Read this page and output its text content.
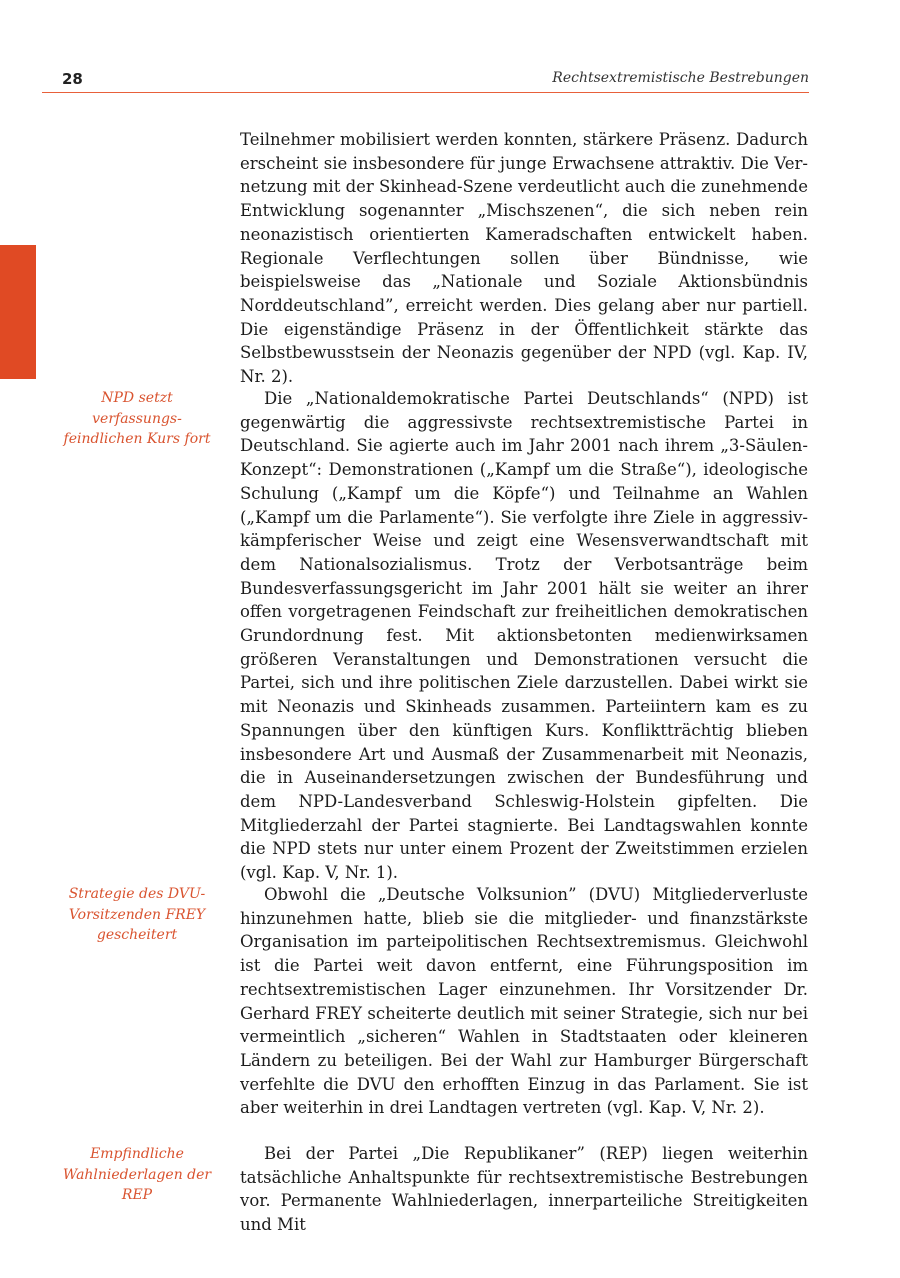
28	Rechtsextremistische Bestrebungen
NPD setzt verfassungs- feindlichen Kurs fort
Strategie des DVU-Vorsitzenden FREY gescheitert
Empfindliche Wahlniederlagen der REP

Teilnehmer mobilisiert werden konnten, stärkere Präsenz. Dadurch erscheint sie insbesondere für junge Erwachsene attraktiv. Die Vernetzung mit der Skinhead-Szene verdeutlicht auch die zunehmende Entwicklung sogenannter „Mischszenen“, die sich neben rein neonazistisch orientierten Kameradschaften entwickelt haben. Regionale Verflechtungen sollen über Bündnisse, wie beispielsweise das „Nationale und Soziale Aktionsbündnis Norddeutschland”, erreicht werden. Dies gelang aber nur partiell. Die eigenständige Präsenz in der Öffentlichkeit stärkte das Selbstbewusstsein der Neonazis gegenüber der NPD (vgl. Kap. IV, Nr. 2).

Die „Nationaldemokratische Partei Deutschlands“ (NPD) ist gegenwärtig die aggressivste rechtsextremistische Partei in Deutschland. Sie agierte auch im Jahr 2001 nach ihrem „3-Säulen-Konzept“: Demonstrationen („Kampf um die Straße“), ideologische Schulung („Kampf um die Köpfe“) und Teilnahme an Wahlen („Kampf um die Parlamente“). Sie verfolgte ihre Ziele in aggressiv-kämpferischer Weise und zeigt eine Wesensverwandtschaft mit dem Nationalsozialismus. Trotz der Verbotsanträge beim Bundesverfassungsgericht im Jahr 2001 hält sie weiter an ihrer offen vorgetragenen Feindschaft zur freiheitlichen demokratischen Grundordnung fest. Mit aktionsbetonten medienwirksamen größeren Veranstaltungen und Demonstrationen versucht die Partei, sich und ihre politischen Ziele darzustellen. Dabei wirkt sie mit Neonazis und Skinheads zusammen. Parteiintern kam es zu Spannungen über den künftigen Kurs. Konfliktträchtig blieben insbesondere Art und Ausmaß der Zusammenarbeit mit Neonazis, die in Auseinandersetzungen zwischen der Bundesführung und dem NPD-Landesverband Schleswig-Holstein gipfelten. Die Mitgliederzahl der Partei stagnierte. Bei Landtagswahlen konnte die NPD stets nur unter einem Prozent der Zweitstimmen erzielen (vgl. Kap. V, Nr. 1).

Obwohl die „Deutsche Volksunion” (DVU) Mitgliederverluste hinzunehmen hatte, blieb sie die mitglieder- und finanzstärkste Organisation im parteipolitischen Rechtsextremismus. Gleichwohl ist die Partei weit davon entfernt, eine Führungsposition im rechtsextremistischen Lager einzunehmen. Ihr Vorsitzender Dr. Gerhard FREY scheiterte deutlich mit seiner Strategie, sich nur bei vermeintlich „sicheren“ Wahlen in Stadtstaaten oder kleineren Ländern zu beteiligen. Bei der Wahl zur Hamburger Bürgerschaft verfehlte die DVU den erhofften Einzug in das Parlament. Sie ist aber weiterhin in drei Landtagen vertreten (vgl. Kap. V, Nr. 2).

Bei der Partei „Die Republikaner” (REP) liegen weiterhin tatsächliche Anhaltspunkte für rechtsextremistische Bestrebungen vor. Permanente Wahlniederlagen, innerparteiliche Streitigkeiten und Mit
